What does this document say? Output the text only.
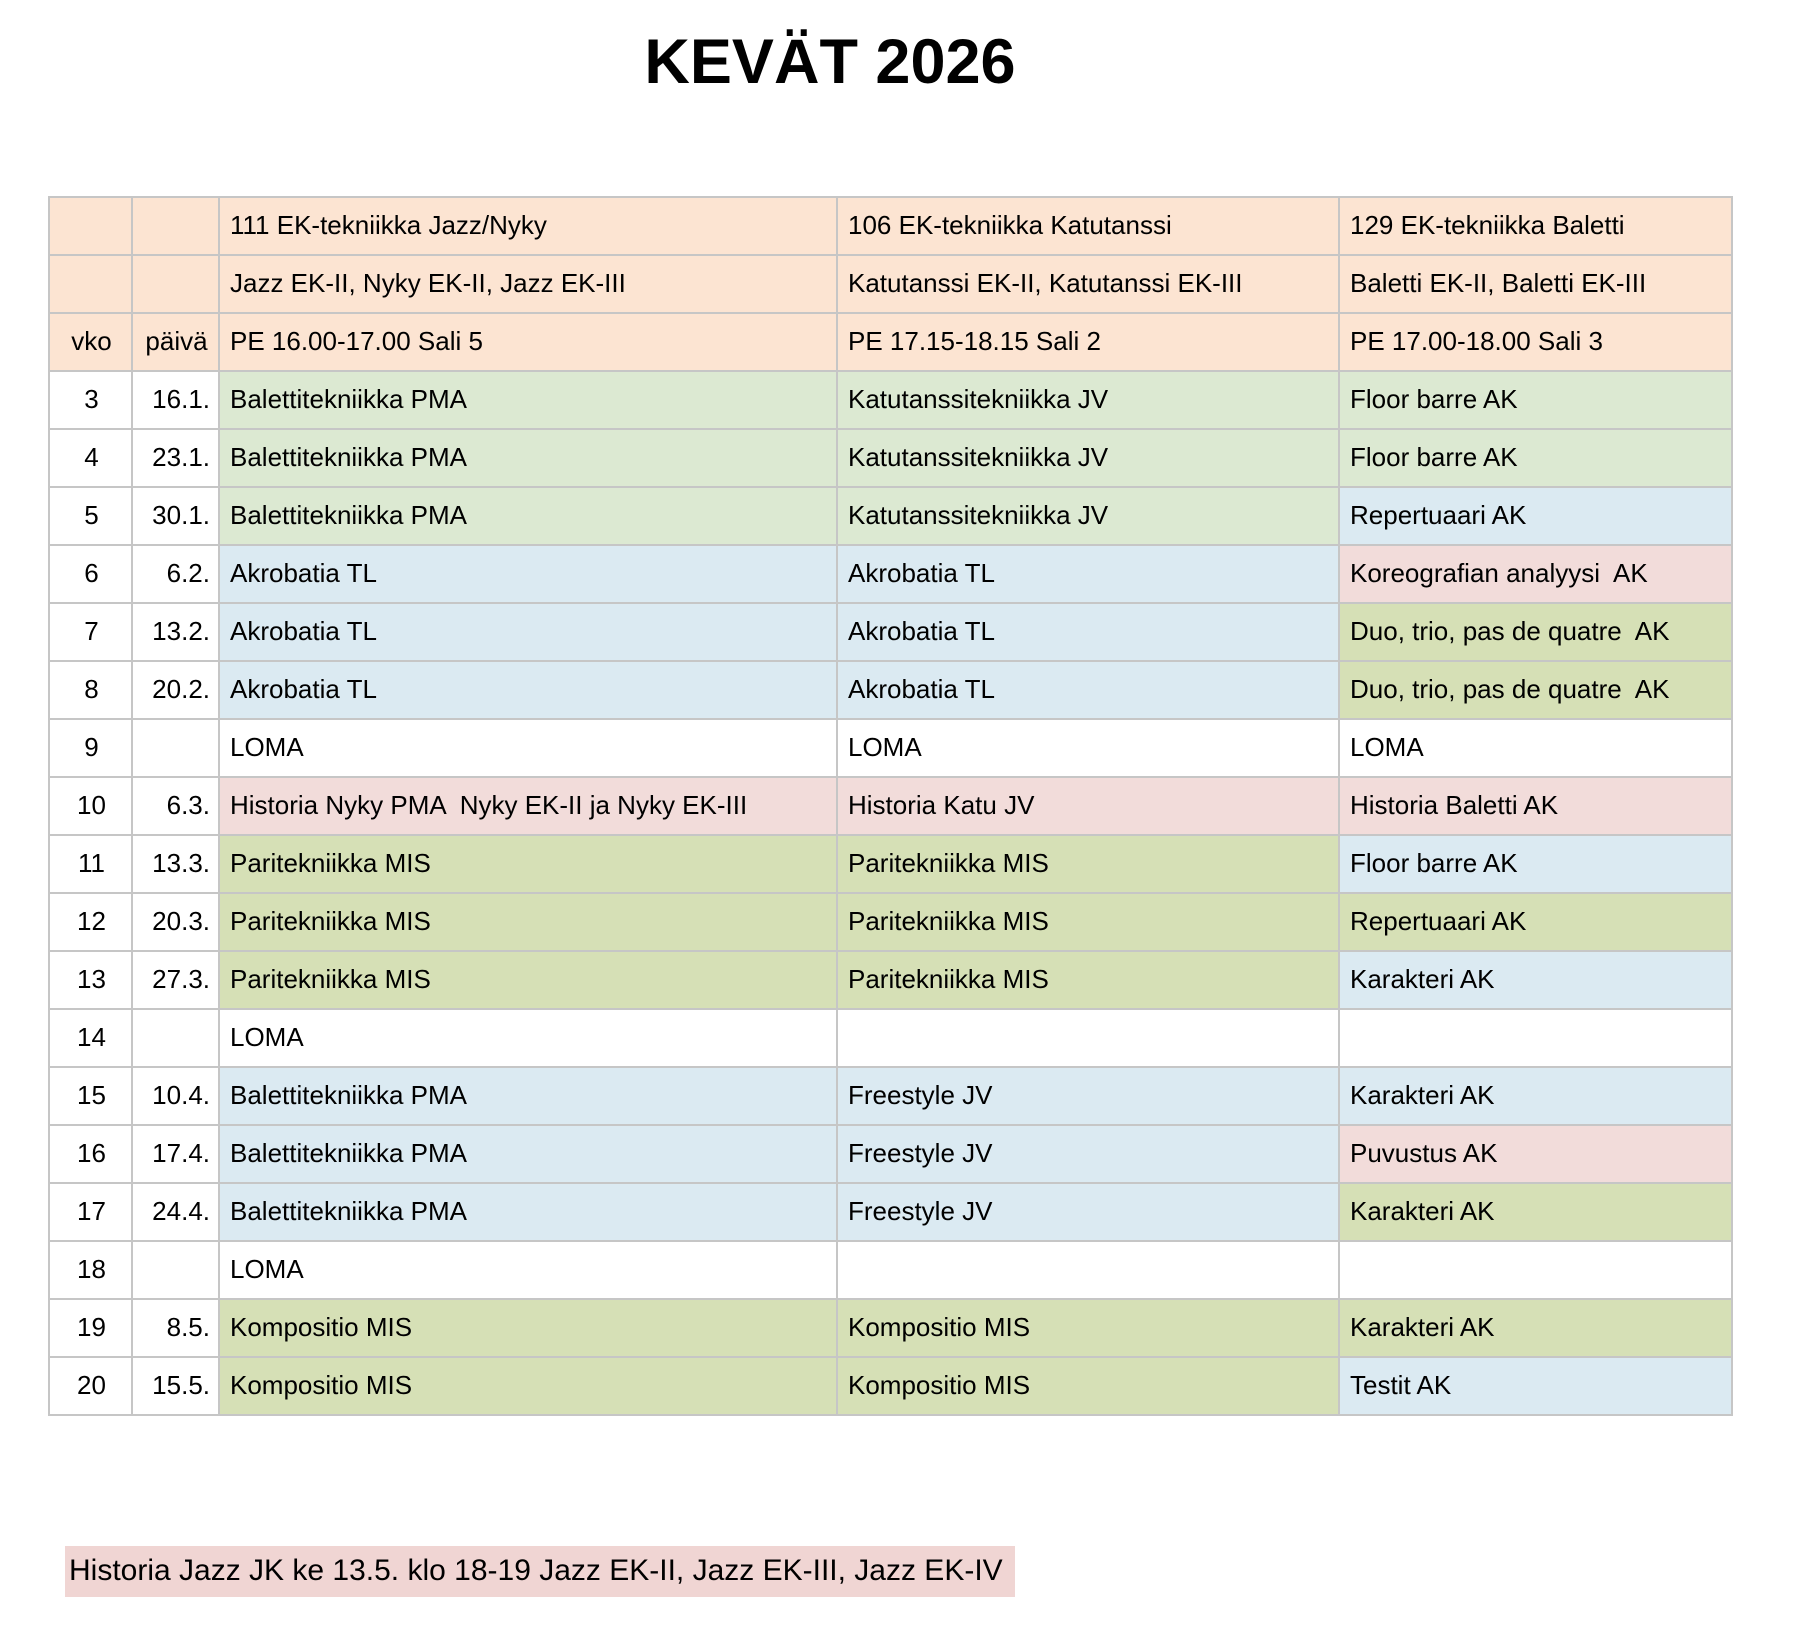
KEVÄT 2026
		111 EK-tekniikka Jazz/Nyky	106 EK-tekniikka Katutanssi	129 EK-tekniikka Baletti
		Jazz EK-II, Nyky EK-II, Jazz EK-III	Katutanssi EK-II, Katutanssi EK-III	Baletti EK-II, Baletti EK-III
vko	päivä	PE 16.00-17.00 Sali 5	PE 17.15-18.15 Sali 2	PE 17.00-18.00 Sali 3
3	16.1.	Balettitekniikka PMA	Katutanssitekniikka JV	Floor barre AK
4	23.1.	Balettitekniikka PMA	Katutanssitekniikka JV	Floor barre AK
5	30.1.	Balettitekniikka PMA	Katutanssitekniikka JV	Repertuaari AK
6	6.2.	Akrobatia TL	Akrobatia TL	Koreografian analyysi  AK
7	13.2.	Akrobatia TL	Akrobatia TL	Duo, trio, pas de quatre  AK
8	20.2.	Akrobatia TL	Akrobatia TL	Duo, trio, pas de quatre  AK
9		LOMA	LOMA	LOMA
10	6.3.	Historia Nyky PMA  Nyky EK-II ja Nyky EK-III	Historia Katu JV	Historia Baletti AK
11	13.3.	Paritekniikka MIS	Paritekniikka MIS	Floor barre AK
12	20.3.	Paritekniikka MIS	Paritekniikka MIS	Repertuaari AK
13	27.3.	Paritekniikka MIS	Paritekniikka MIS	Karakteri AK
14		LOMA		
15	10.4.	Balettitekniikka PMA	Freestyle JV	Karakteri AK
16	17.4.	Balettitekniikka PMA	Freestyle JV	Puvustus AK
17	24.4.	Balettitekniikka PMA	Freestyle JV	Karakteri AK
18		LOMA		
19	8.5.	Kompositio MIS	Kompositio MIS	Karakteri AK
20	15.5.	Kompositio MIS	Kompositio MIS	Testit AK
Historia Jazz JK ke 13.5. klo 18-19 Jazz EK-II, Jazz EK-III, Jazz EK-IV
